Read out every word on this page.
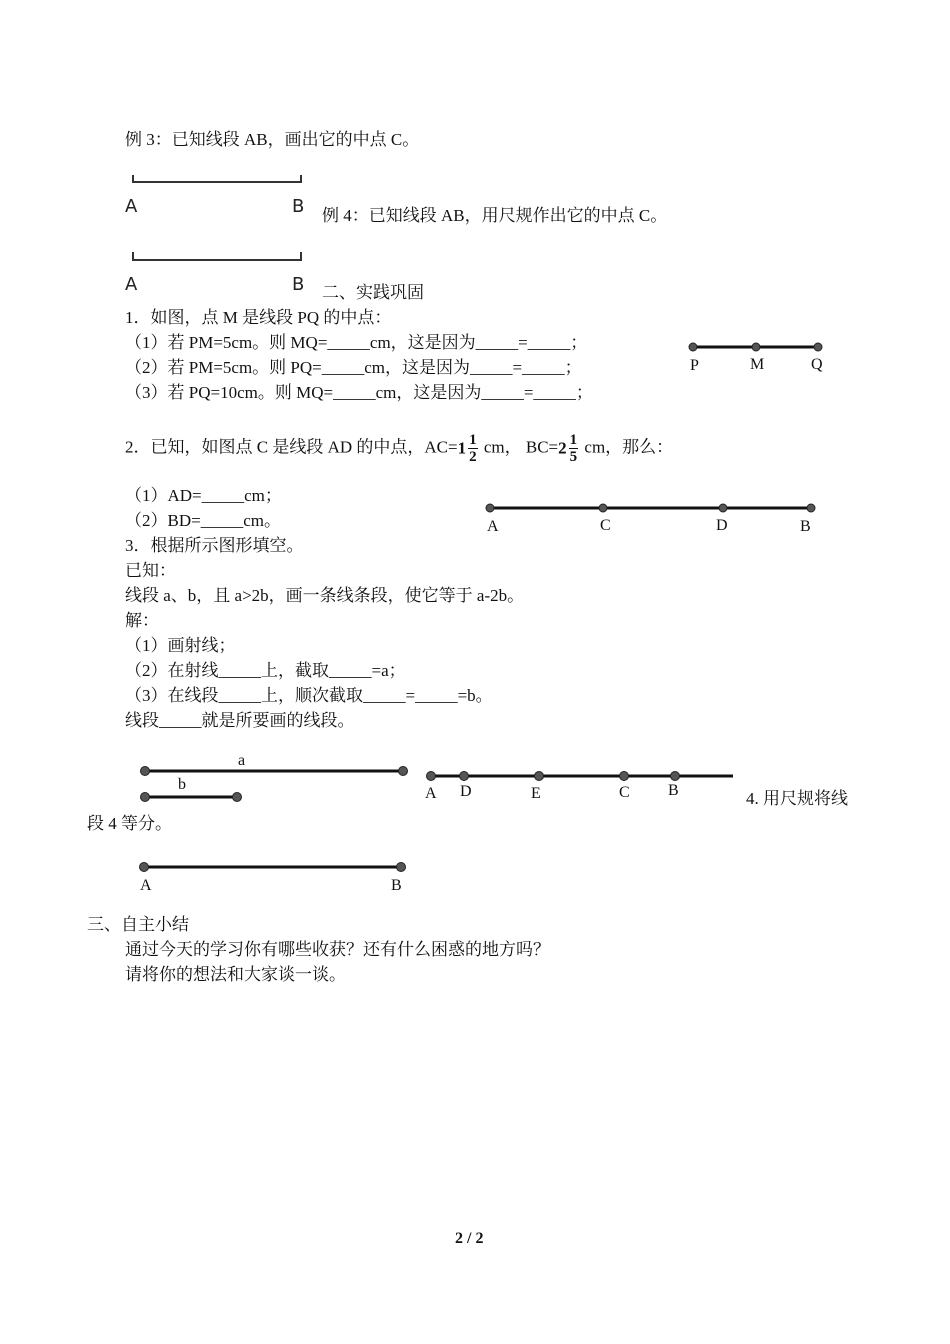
例 3：已知线段 AB，画出它的中点 C。
A	B 例 4：已知线段 AB，用尺规作出它的中点 C。
A	B 二、实践巩固
1．如图，点 M 是线段 PQ 的中点：
（1）若 PM=5cm。则 MQ=_____cm，这是因为_____=_____；
（2）若 PM=5cm。则 PQ=_____cm，这是因为_____=_____；
（3）若 PQ=10cm。则 MQ=_____cm，这是因为_____=_____；
P	M	Q
2．已知，如图点 C 是线段 AD 的中点，$AC=1 \frac{1}{2}$ cm， $BC=2 \frac{1}{5}$ cm，那么：
（1）AD=_____cm；
（2）BD=_____cm。	A	C	D	B
3．根据所示图形填空。
已知：
线段 a、b，且 a>2b，画一条线条段，使它等于 a-2b。
解：
（1）画射线；
（2）在射线_____上，截取_____=a；
（3）在线段_____上，顺次截取_____=_____=b。
线段_____就是所要画的线段。
a
b
A D	E	C B	4. 用尺规将线
段 4 等分。
A	B
三、自主小结
通过今天的学习你有哪些收获？还有什么困惑的地方吗？
请将你的想法和大家谈一谈。
2 / 2
